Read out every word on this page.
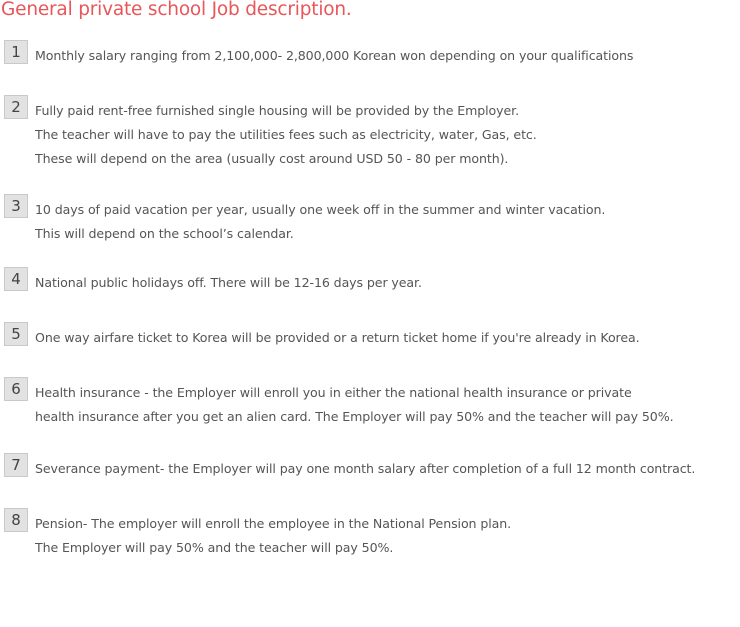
General private school Job description.
1	Monthly salary ranging from 2,100,000- 2,800,000 Korean won depending on your qualifications
2	Fully paid rent-free furnished single housing will be provided by the Employer.
The teacher will have to pay the utilities fees such as electricity, water, Gas, etc.
These will depend on the area (usually cost around USD 50 - 80 per month).
3	10 days of paid vacation per year, usually one week off in the summer and winter vacation.
This will depend on the school’s calendar.
4	National public holidays off. There will be 12-16 days per year.
5	One way airfare ticket to Korea will be provided or a return ticket home if you're already in Korea.
6	Health insurance - the Employer will enroll you in either the national health insurance or private
health insurance after you get an alien card. The Employer will pay 50% and the teacher will pay 50%.
7	Severance payment- the Employer will pay one month salary after completion of a full 12 month contract.
8	Pension- The employer will enroll the employee in the National Pension plan.
The Employer will pay 50% and the teacher will pay 50%.
